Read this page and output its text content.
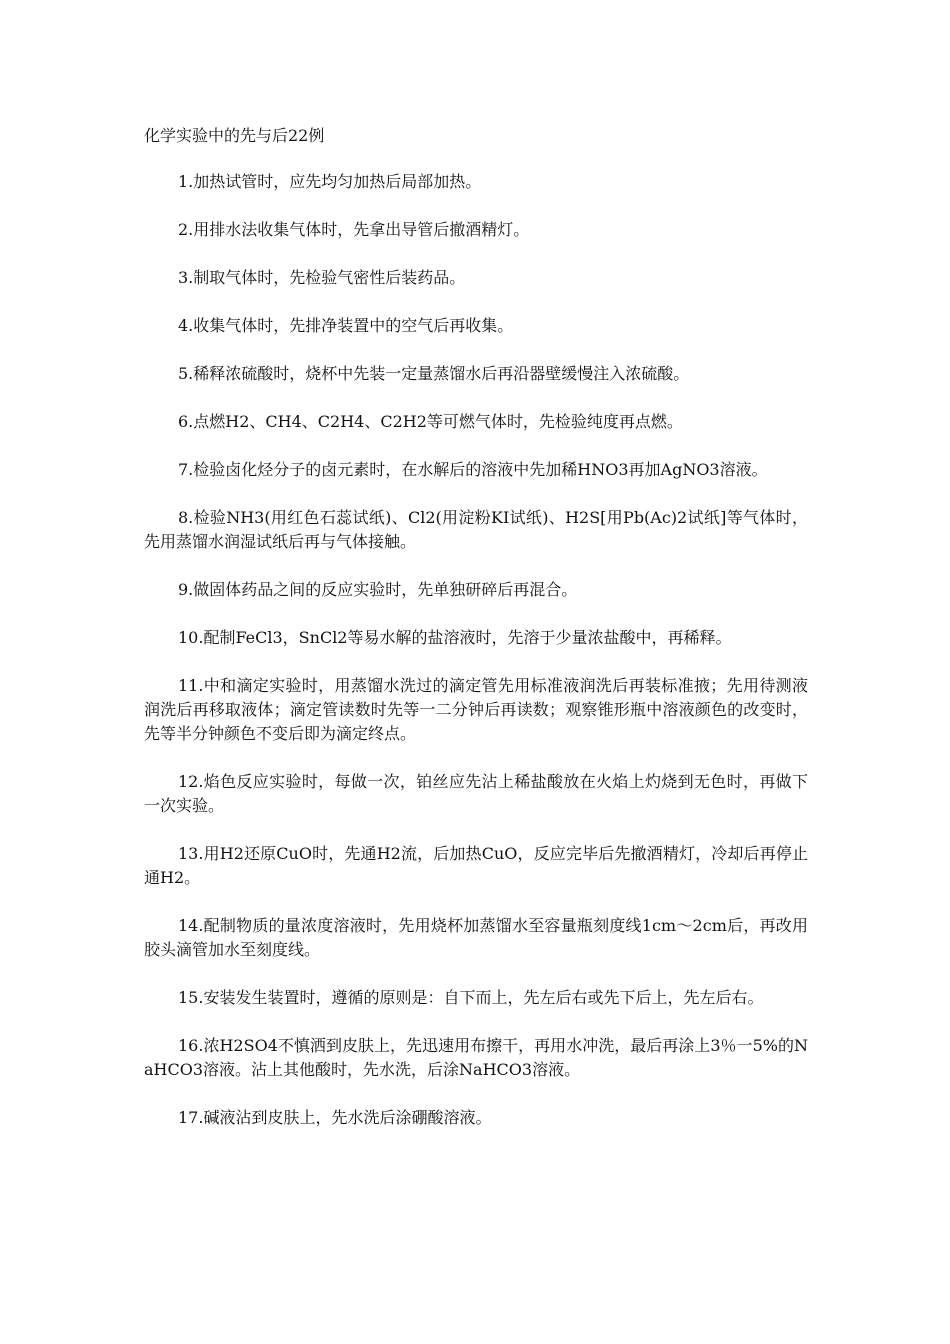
化学实验中的先与后22例

1.加热试管时，应先均匀加热后局部加热。

2.用排水法收集气体时，先拿出导管后撤酒精灯。

3.制取气体时，先检验气密性后装药品。

4.收集气体时，先排净装置中的空气后再收集。

5.稀释浓硫酸时，烧杯中先装一定量蒸馏水后再沿器壁缓慢注入浓硫酸。

6.点燃H2、CH4、C2H4、C2H2等可燃气体时，先检验纯度再点燃。

7.检验卤化烃分子的卤元素时，在水解后的溶液中先加稀HNO3再加AgNO3溶液。

8.检验NH3(用红色石蕊试纸)、Cl2(用淀粉KI试纸)、H2S[用Pb(Ac)2试纸]等气体时，先用蒸馏水润湿试纸后再与气体接触。

9.做固体药品之间的反应实验时，先单独研碎后再混合。

10.配制FeCl3，SnCl2等易水解的盐溶液时，先溶于少量浓盐酸中，再稀释。

11.中和滴定实验时，用蒸馏水洗过的滴定管先用标准液润洗后再装标准掖；先用待测液润洗后再移取液体；滴定管读数时先等一二分钟后再读数；观察锥形瓶中溶液颜色的改变时，先等半分钟颜色不变后即为滴定终点。

12.焰色反应实验时，每做一次，铂丝应先沾上稀盐酸放在火焰上灼烧到无色时，再做下一次实验。

13.用H2还原CuO时，先通H2流，后加热CuO，反应完毕后先撤酒精灯，冷却后再停止通H2。

14.配制物质的量浓度溶液时，先用烧杯加蒸馏水至容量瓶刻度线1cm～2cm后，再改用胶头滴管加水至刻度线。

15.安装发生装置时，遵循的原则是：自下而上，先左后右或先下后上，先左后右。

16.浓H2SO4不慎洒到皮肤上，先迅速用布擦干，再用水冲洗，最后再涂上3％一5%的NaHCO3溶液。沾上其他酸时，先水洗，后涂NaHCO3溶液。

17.碱液沾到皮肤上，先水洗后涂硼酸溶液。
